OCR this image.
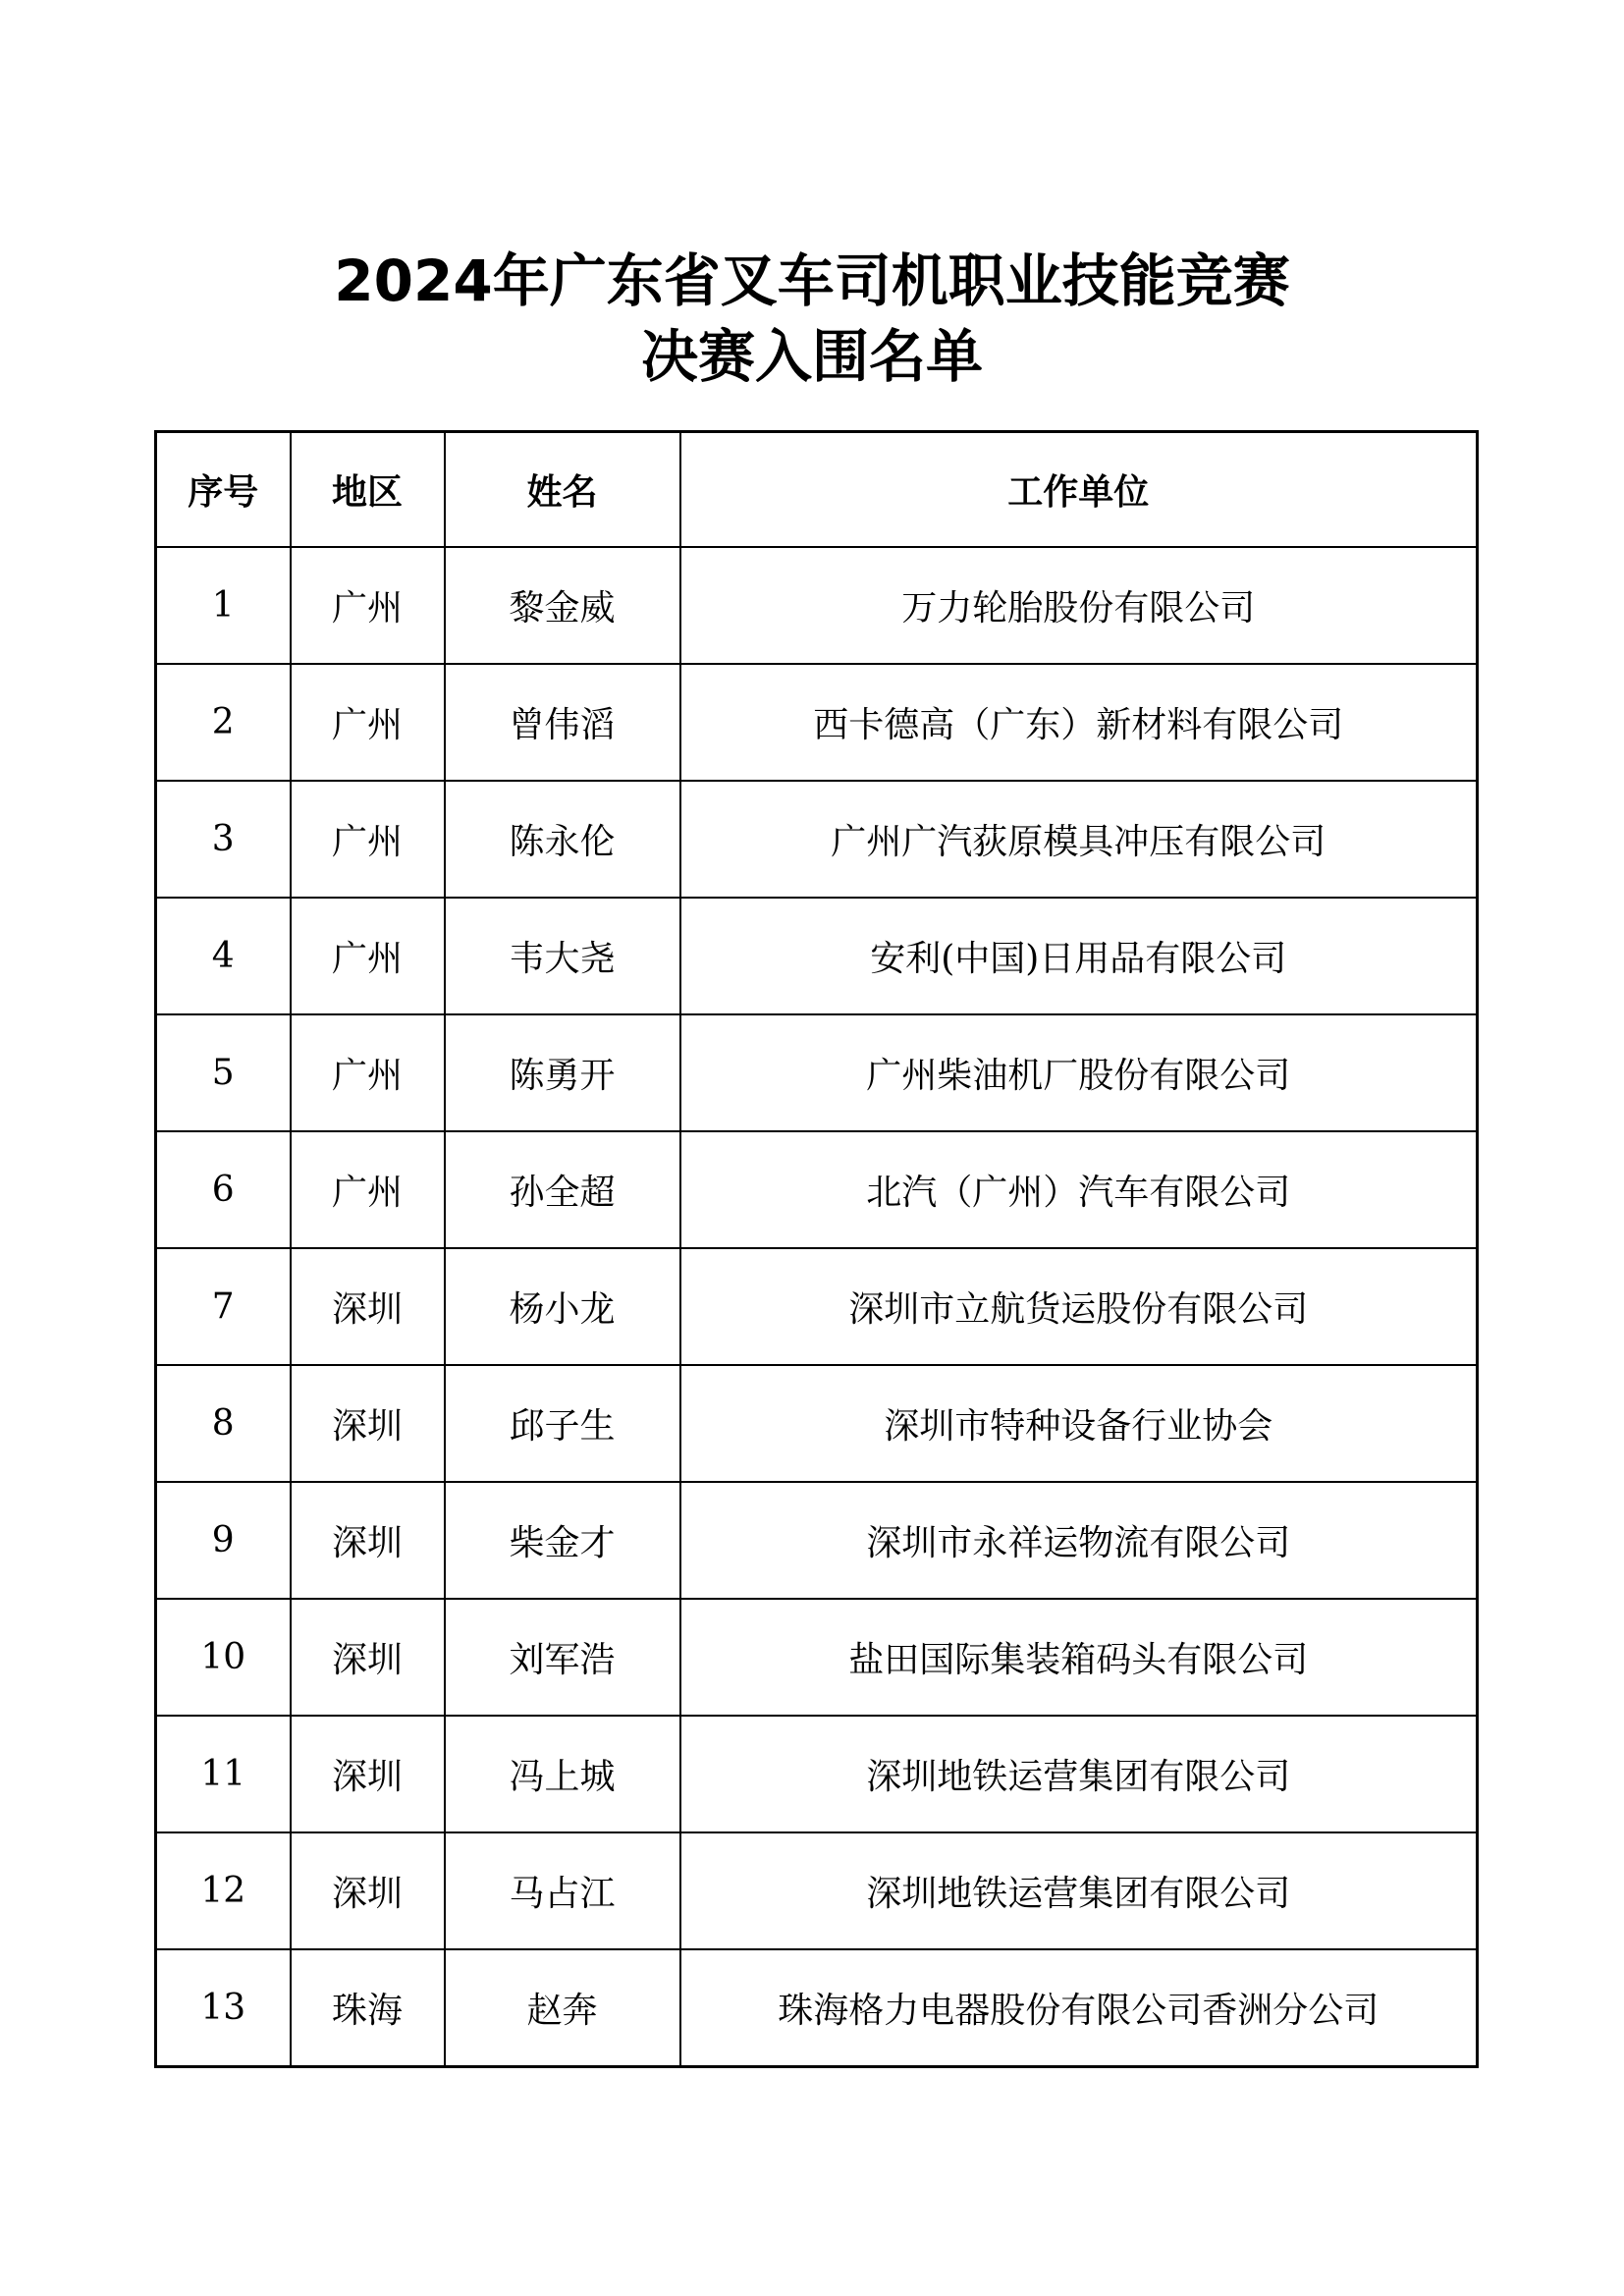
2024年广东省叉车司机职业技能竞赛
决赛入围名单
序号	地区	姓名	工作单位
1	广州	黎金威	万力轮胎股份有限公司
2	广州	曾伟滔	西卡德高（广东）新材料有限公司
3	广州	陈永伦	广州广汽荻原模具冲压有限公司
4	广州	韦大尧	安利(中国)日用品有限公司
5	广州	陈勇开	广州柴油机厂股份有限公司
6	广州	孙全超	北汽（广州）汽车有限公司
7	深圳	杨小龙	深圳市立航货运股份有限公司
8	深圳	邱子生	深圳市特种设备行业协会
9	深圳	柴金才	深圳市永祥运物流有限公司
10	深圳	刘军浩	盐田国际集装箱码头有限公司
11	深圳	冯上城	深圳地铁运营集团有限公司
12	深圳	马占江	深圳地铁运营集团有限公司
13	珠海	赵奔	珠海格力电器股份有限公司香洲分公司
